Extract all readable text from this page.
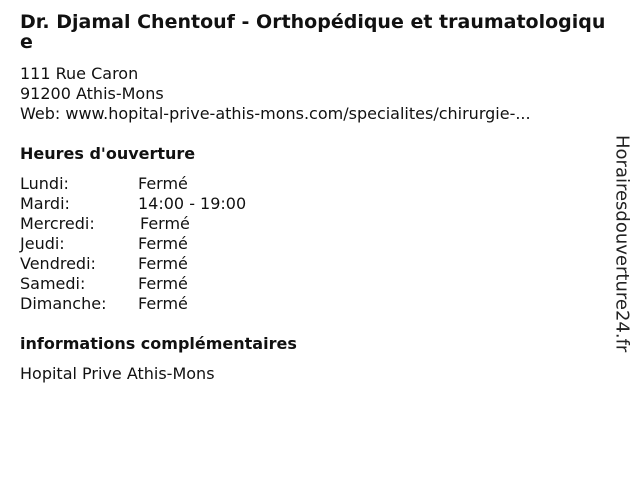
Dr. Djamal Chentouf - Orthopédique et traumatologique
111 Rue Caron
91200 Athis-Mons
Web: www.hopital-prive-athis-mons.com/specialites/chirurgie-...
Heures d'ouverture
Lundi:	Fermé
Mardi:	14:00 - 19:00
Mercredi:	Fermé
Jeudi:	Fermé
Vendredi:	Fermé
Samedi:	Fermé
Dimanche: Fermé
informations complémentaires
Hopital Prive Athis-Mons
Horairesdouverture24.fr
